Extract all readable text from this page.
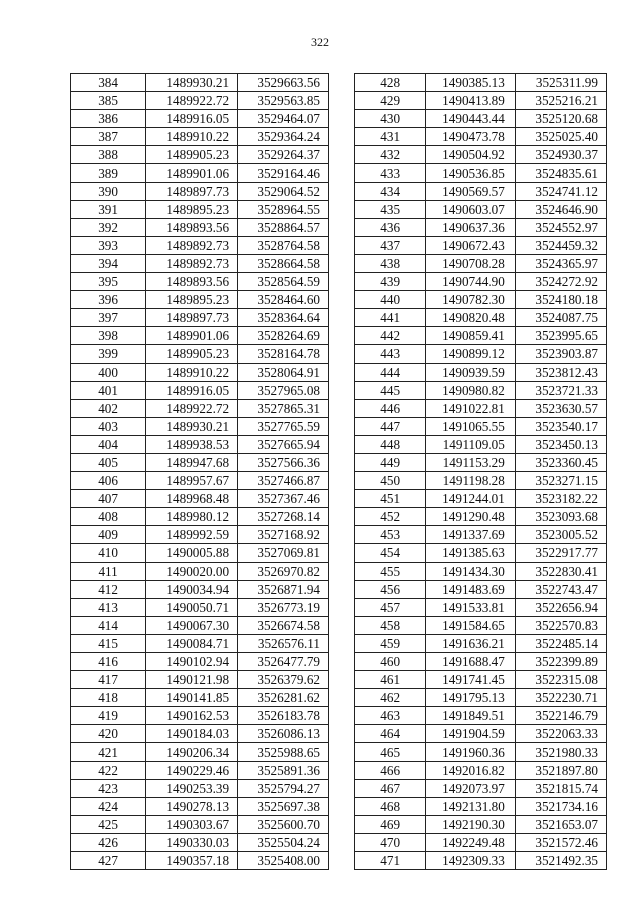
322
384	1489930.21	3529663.56
385	1489922.72	3529563.85
386	1489916.05	3529464.07
387	1489910.22	3529364.24
388	1489905.23	3529264.37
389	1489901.06	3529164.46
390	1489897.73	3529064.52
391	1489895.23	3528964.55
392	1489893.56	3528864.57
393	1489892.73	3528764.58
394	1489892.73	3528664.58
395	1489893.56	3528564.59
396	1489895.23	3528464.60
397	1489897.73	3528364.64
398	1489901.06	3528264.69
399	1489905.23	3528164.78
400	1489910.22	3528064.91
401	1489916.05	3527965.08
402	1489922.72	3527865.31
403	1489930.21	3527765.59
404	1489938.53	3527665.94
405	1489947.68	3527566.36
406	1489957.67	3527466.87
407	1489968.48	3527367.46
408	1489980.12	3527268.14
409	1489992.59	3527168.92
410	1490005.88	3527069.81
411	1490020.00	3526970.82
412	1490034.94	3526871.94
413	1490050.71	3526773.19
414	1490067.30	3526674.58
415	1490084.71	3526576.11
416	1490102.94	3526477.79
417	1490121.98	3526379.62
418	1490141.85	3526281.62
419	1490162.53	3526183.78
420	1490184.03	3526086.13
421	1490206.34	3525988.65
422	1490229.46	3525891.36
423	1490253.39	3525794.27
424	1490278.13	3525697.38
425	1490303.67	3525600.70
426	1490330.03	3525504.24
427	1490357.18	3525408.00
428	1490385.13	3525311.99
429	1490413.89	3525216.21
430	1490443.44	3525120.68
431	1490473.78	3525025.40
432	1490504.92	3524930.37
433	1490536.85	3524835.61
434	1490569.57	3524741.12
435	1490603.07	3524646.90
436	1490637.36	3524552.97
437	1490672.43	3524459.32
438	1490708.28	3524365.97
439	1490744.90	3524272.92
440	1490782.30	3524180.18
441	1490820.48	3524087.75
442	1490859.41	3523995.65
443	1490899.12	3523903.87
444	1490939.59	3523812.43
445	1490980.82	3523721.33
446	1491022.81	3523630.57
447	1491065.55	3523540.17
448	1491109.05	3523450.13
449	1491153.29	3523360.45
450	1491198.28	3523271.15
451	1491244.01	3523182.22
452	1491290.48	3523093.68
453	1491337.69	3523005.52
454	1491385.63	3522917.77
455	1491434.30	3522830.41
456	1491483.69	3522743.47
457	1491533.81	3522656.94
458	1491584.65	3522570.83
459	1491636.21	3522485.14
460	1491688.47	3522399.89
461	1491741.45	3522315.08
462	1491795.13	3522230.71
463	1491849.51	3522146.79
464	1491904.59	3522063.33
465	1491960.36	3521980.33
466	1492016.82	3521897.80
467	1492073.97	3521815.74
468	1492131.80	3521734.16
469	1492190.30	3521653.07
470	1492249.48	3521572.46
471	1492309.33	3521492.35
